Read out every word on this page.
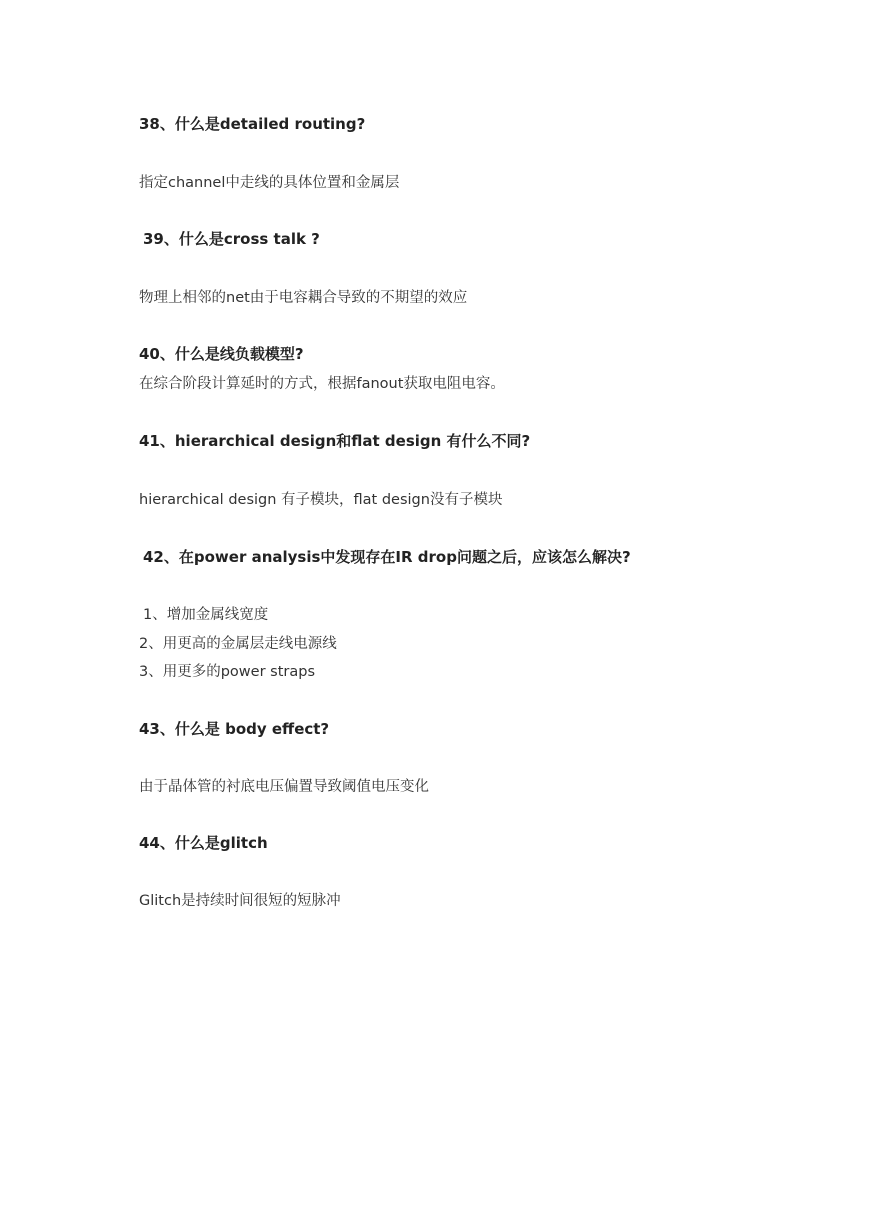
38、什么是detailed routing?
指定channel中走线的具体位置和金属层
39、什么是cross talk ?
物理上相邻的net由于电容耦合导致的不期望的效应
40、什么是线负载模型?
在综合阶段计算延时的方式，根据fanout获取电阻电容。
41、hierarchical design和flat design 有什么不同?
hierarchical design 有子模块，flat design没有子模块
42、在power analysis中发现存在IR drop问题之后，应该怎么解决?
1、增加金属线宽度
2、用更高的金属层走线电源线
3、用更多的power straps
43、什么是 body effect?
由于晶体管的衬底电压偏置导致阈值电压变化
44、什么是glitch
Glitch是持续时间很短的短脉冲
